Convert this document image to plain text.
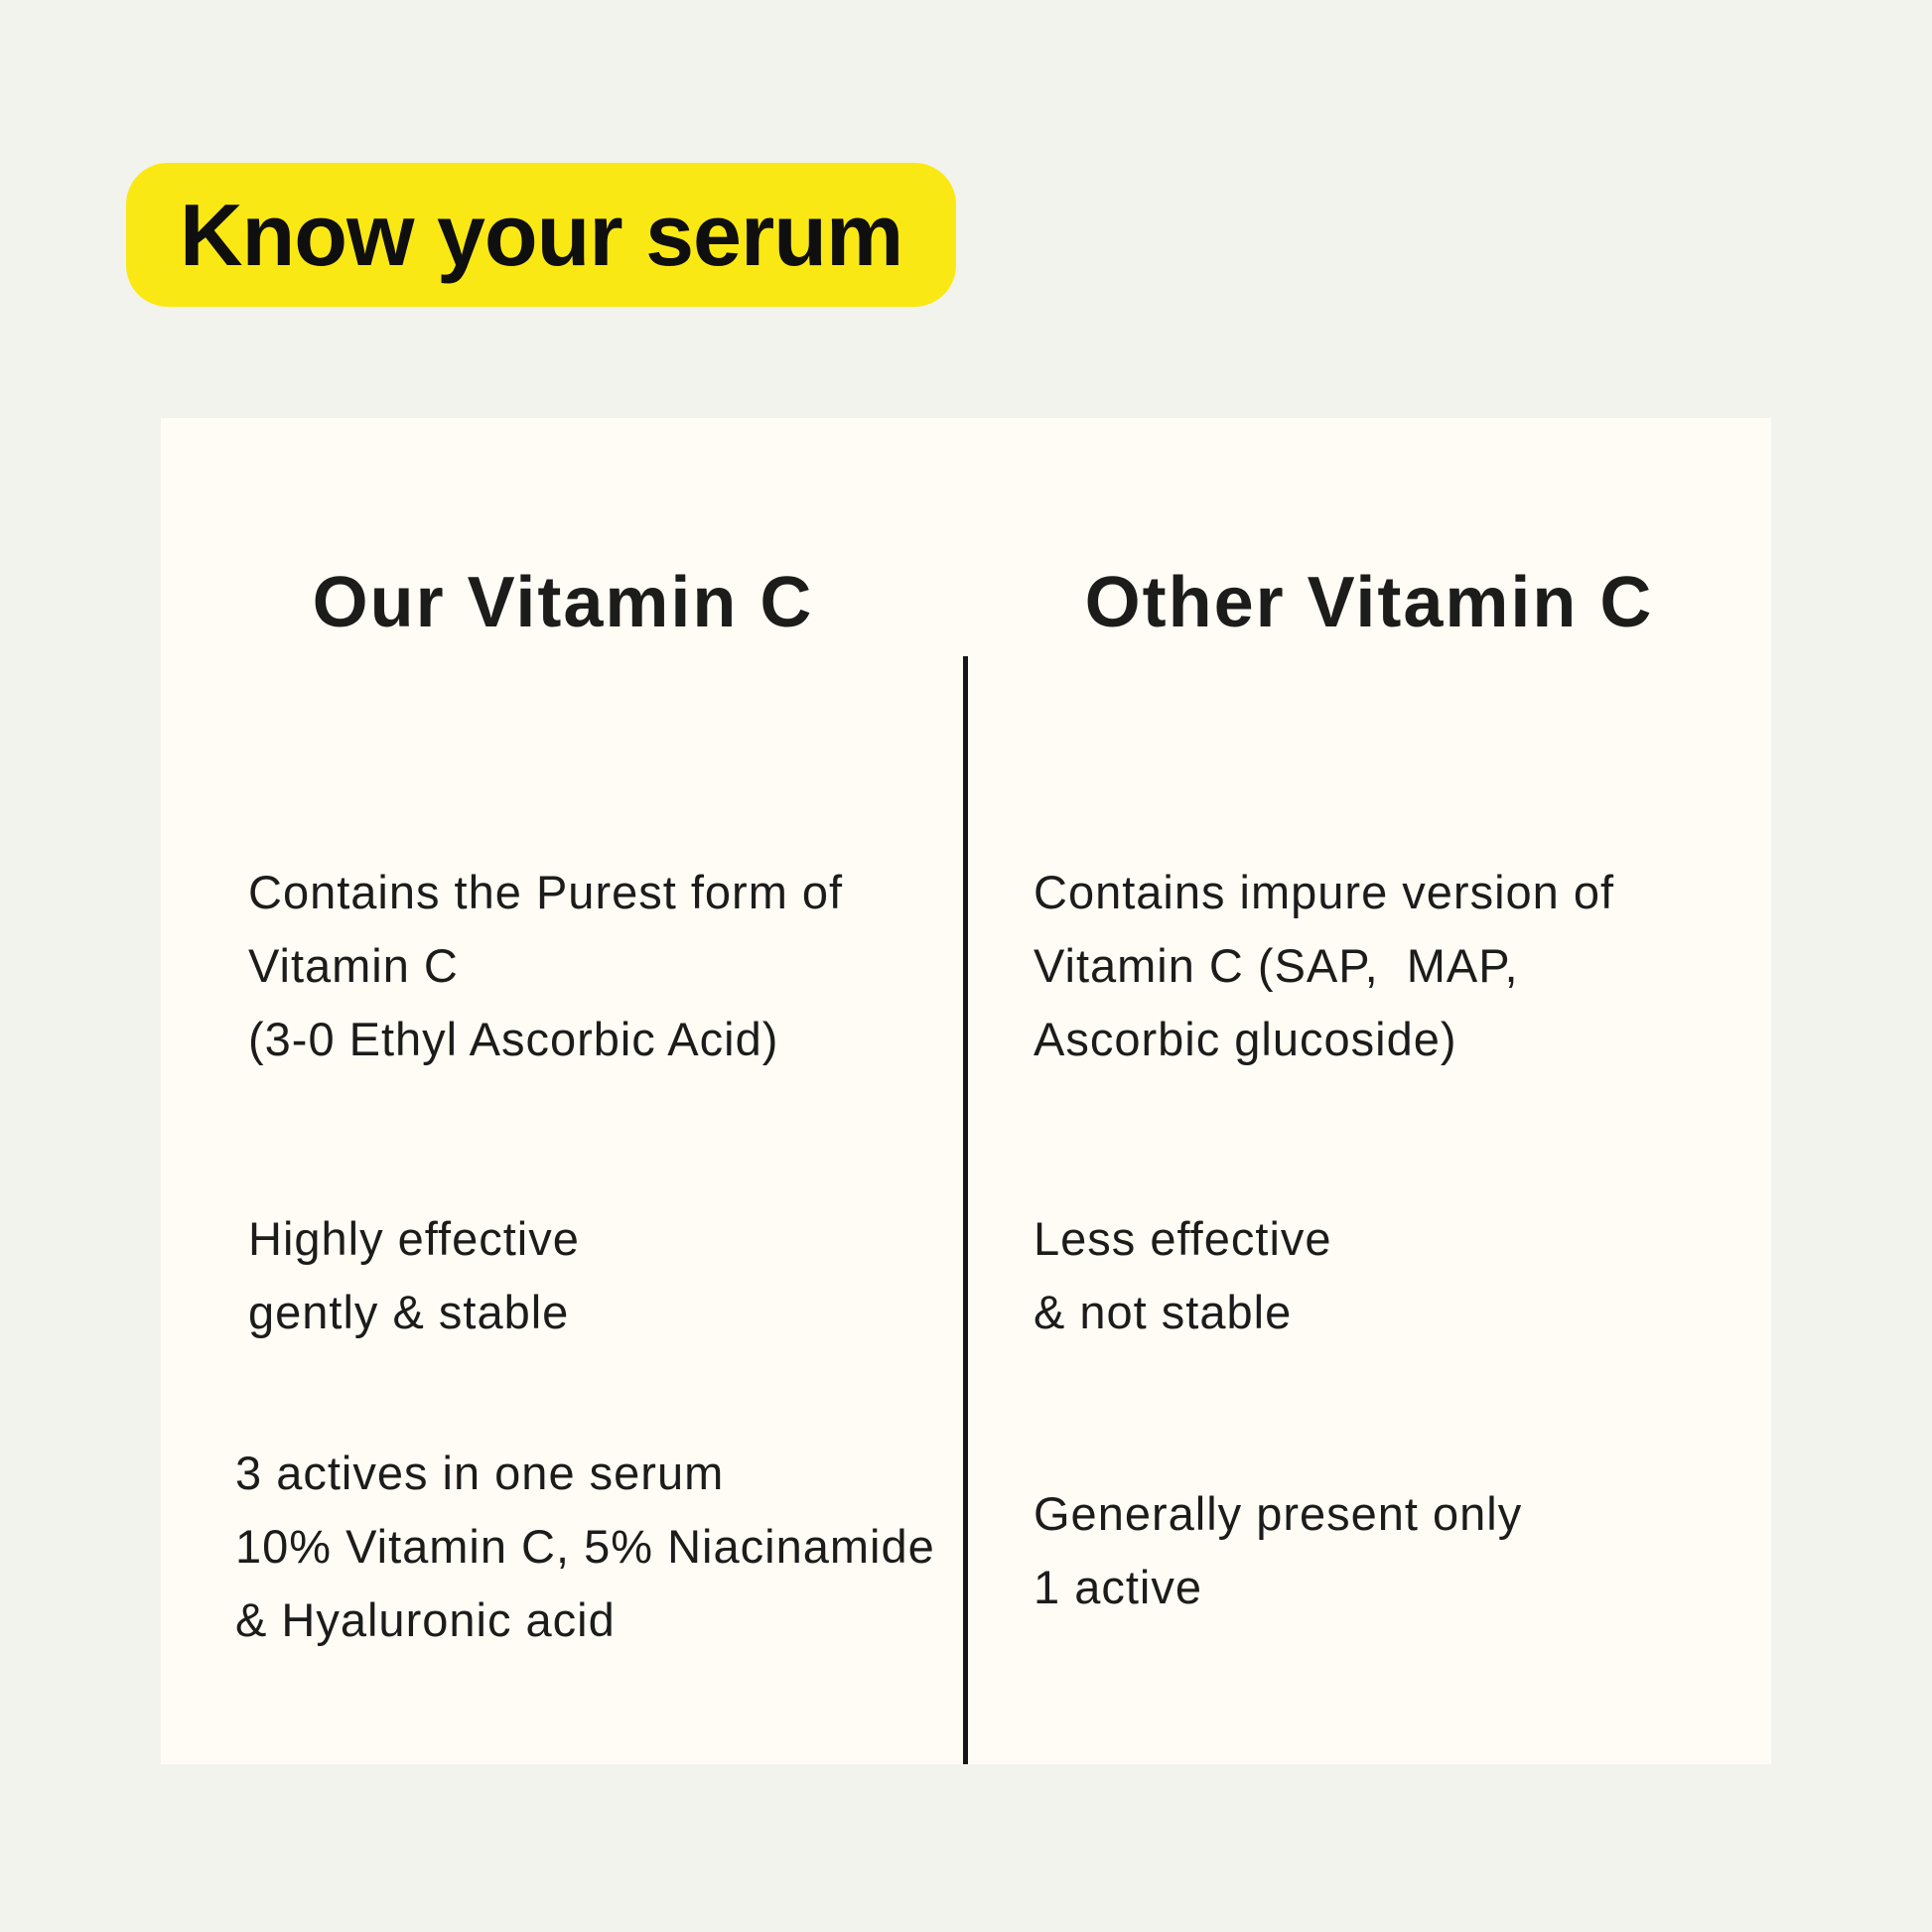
Know your serum
Our Vitamin C	Other Vitamin C
Contains the Purest form of
Vitamin C
(3-0 Ethyl Ascorbic Acid)
Highly effective
gently & stable
3 actives in one serum
10% Vitamin C, 5% Niacinamide
& Hyaluronic acid
Contains impure version of
Vitamin C (SAP,  MAP,
Ascorbic glucoside)
Less effective
& not stable
Generally present only
1 active
